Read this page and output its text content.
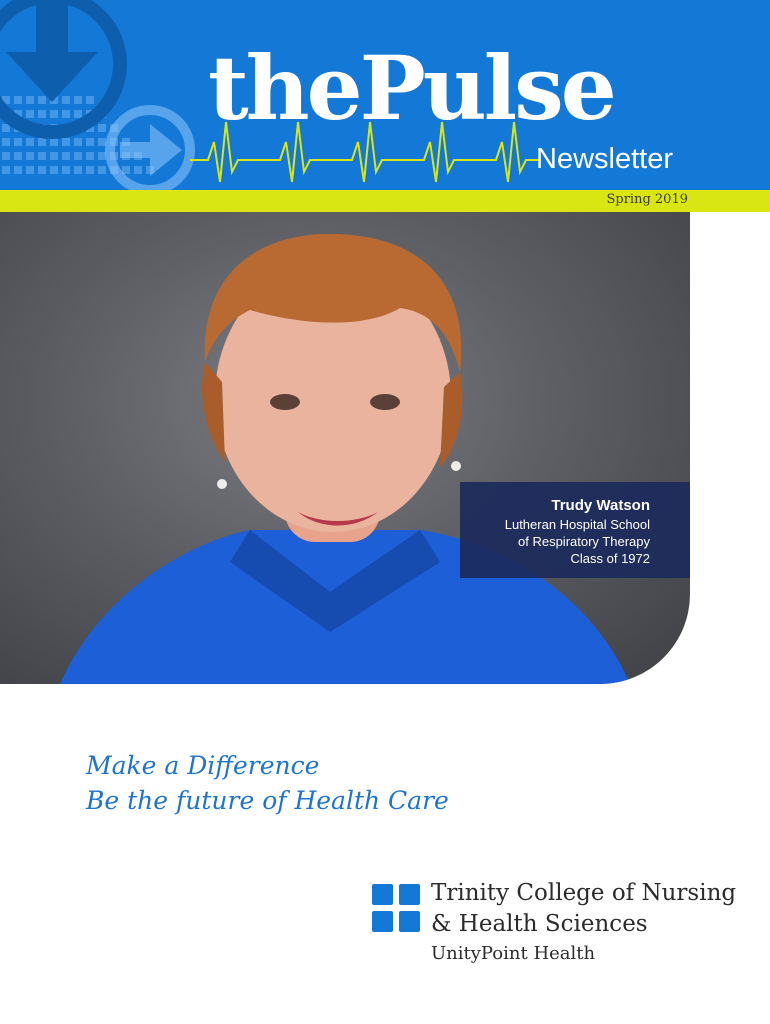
thePulse
Newsletter
Spring 2019
Trudy Watson
Lutheran Hospital School
of Respiratory Therapy
Class of 1972
Make a Difference
Be the future of Health Care
Trinity College of Nursing
& Health Sciences
UnityPoint Health
